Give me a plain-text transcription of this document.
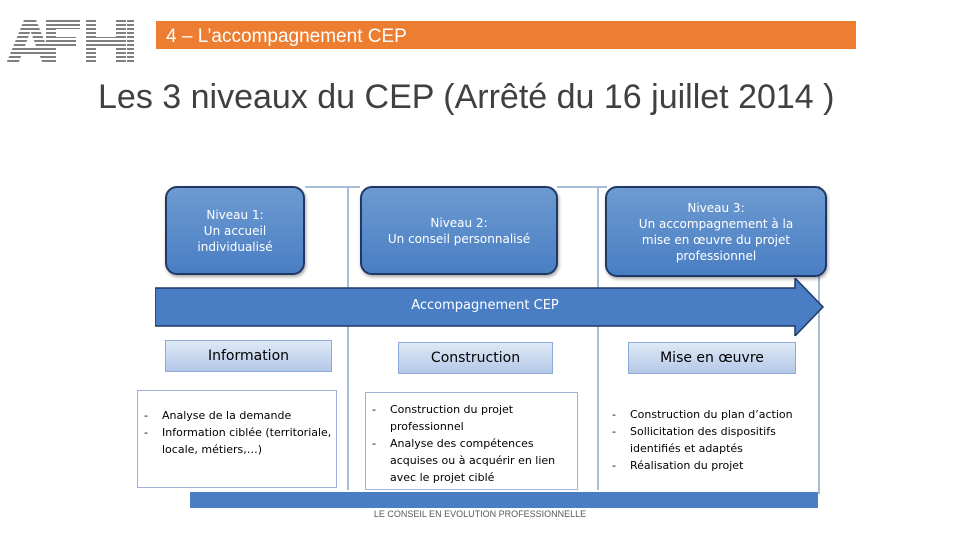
4 – L’accompagnement CEP
Les 3 niveaux du CEP (Arrêté du 16 juillet 2014 )
Niveau 1:
Un accueil
individualisé
Niveau 2:
Un conseil personnalisé
Niveau 3:
Un accompagnement à la
mise en œuvre du projet
professionnel
Accompagnement CEP
Information	Construction	Mise en œuvre
- Analyse de la demande
- Information ciblée (territoriale, locale, métiers,…)
- Construction du projet professionnel
- Analyse des compétences acquises ou à acquérir en lien avec le projet ciblé
- Construction du plan d’action
- Sollicitation des dispositifs identifiés et adaptés
- Réalisation du projet
LE CONSEIL EN EVOLUTION PROFESSIONNELLE
